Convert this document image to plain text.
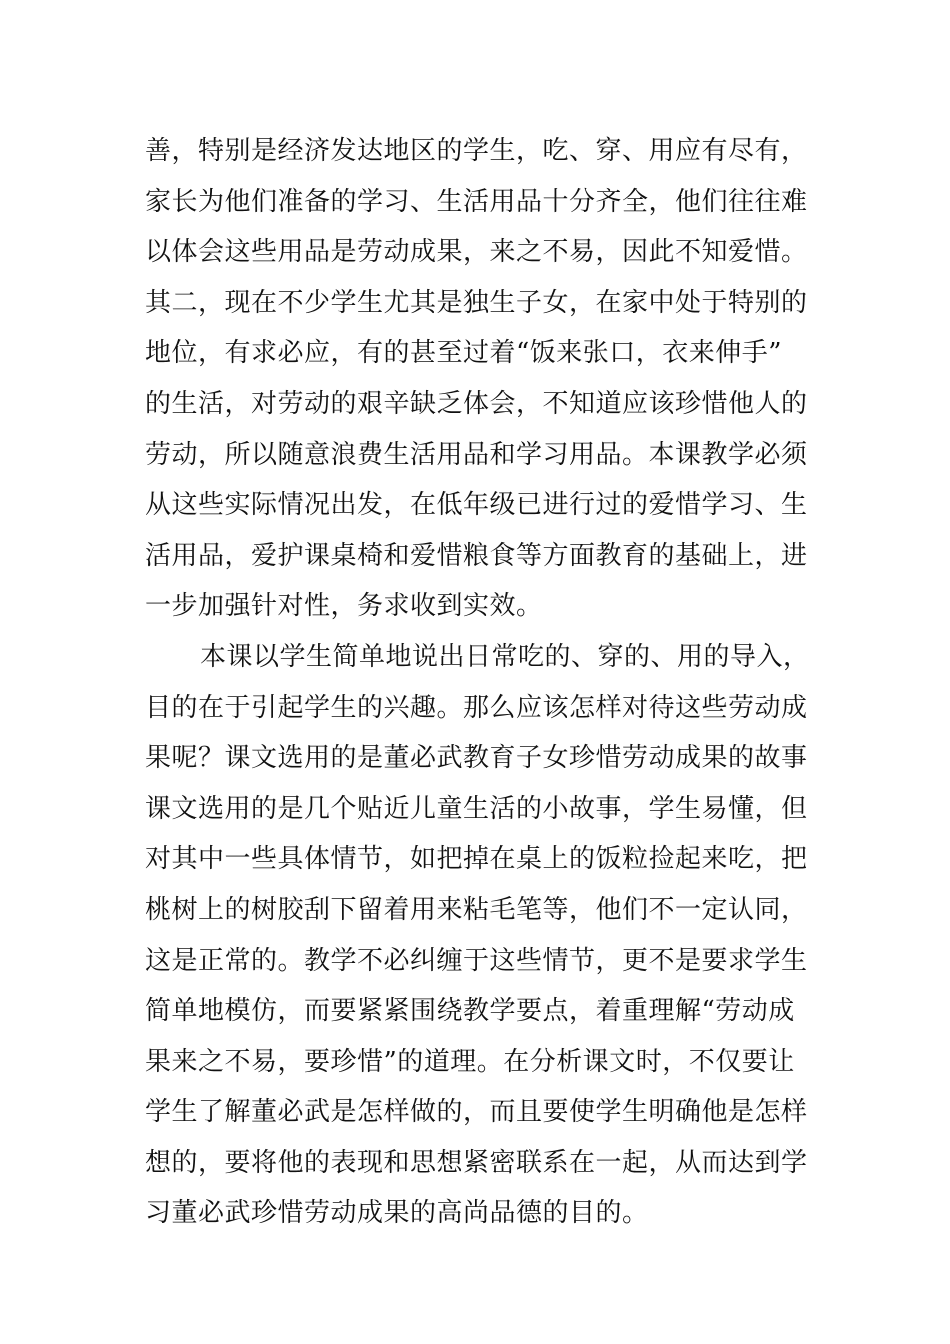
善，特别是经济发达地区的学生，吃、穿、用应有尽有，
家长为他们准备的学习、生活用品十分齐全，他们往往难
以体会这些用品是劳动成果，来之不易，因此不知爱惜。
其二，现在不少学生尤其是独生子女，在家中处于特别的
地位，有求必应，有的甚至过着“饭来张口，衣来伸手”
的生活，对劳动的艰辛缺乏体会，不知道应该珍惜他人的
劳动，所以随意浪费生活用品和学习用品。本课教学必须
从这些实际情况出发，在低年级已进行过的爱惜学习、生
活用品，爱护课桌椅和爱惜粮食等方面教育的基础上，进
一步加强针对性，务求收到实效。
本课以学生简单地说出日常吃的、穿的、用的导入，
目的在于引起学生的兴趣。那么应该怎样对待这些劳动成
果呢？课文选用的是董必武教育子女珍惜劳动成果的故事
课文选用的是几个贴近儿童生活的小故事，学生易懂，但
对其中一些具体情节，如把掉在桌上的饭粒捡起来吃，把
桃树上的树胶刮下留着用来粘毛笔等，他们不一定认同，
这是正常的。教学不必纠缠于这些情节，更不是要求学生
简单地模仿，而要紧紧围绕教学要点，着重理解“劳动成
果来之不易，要珍惜”的道理。在分析课文时，不仅要让
学生了解董必武是怎样做的，而且要使学生明确他是怎样
想的，要将他的表现和思想紧密联系在一起，从而达到学
习董必武珍惜劳动成果的高尚品德的目的。
